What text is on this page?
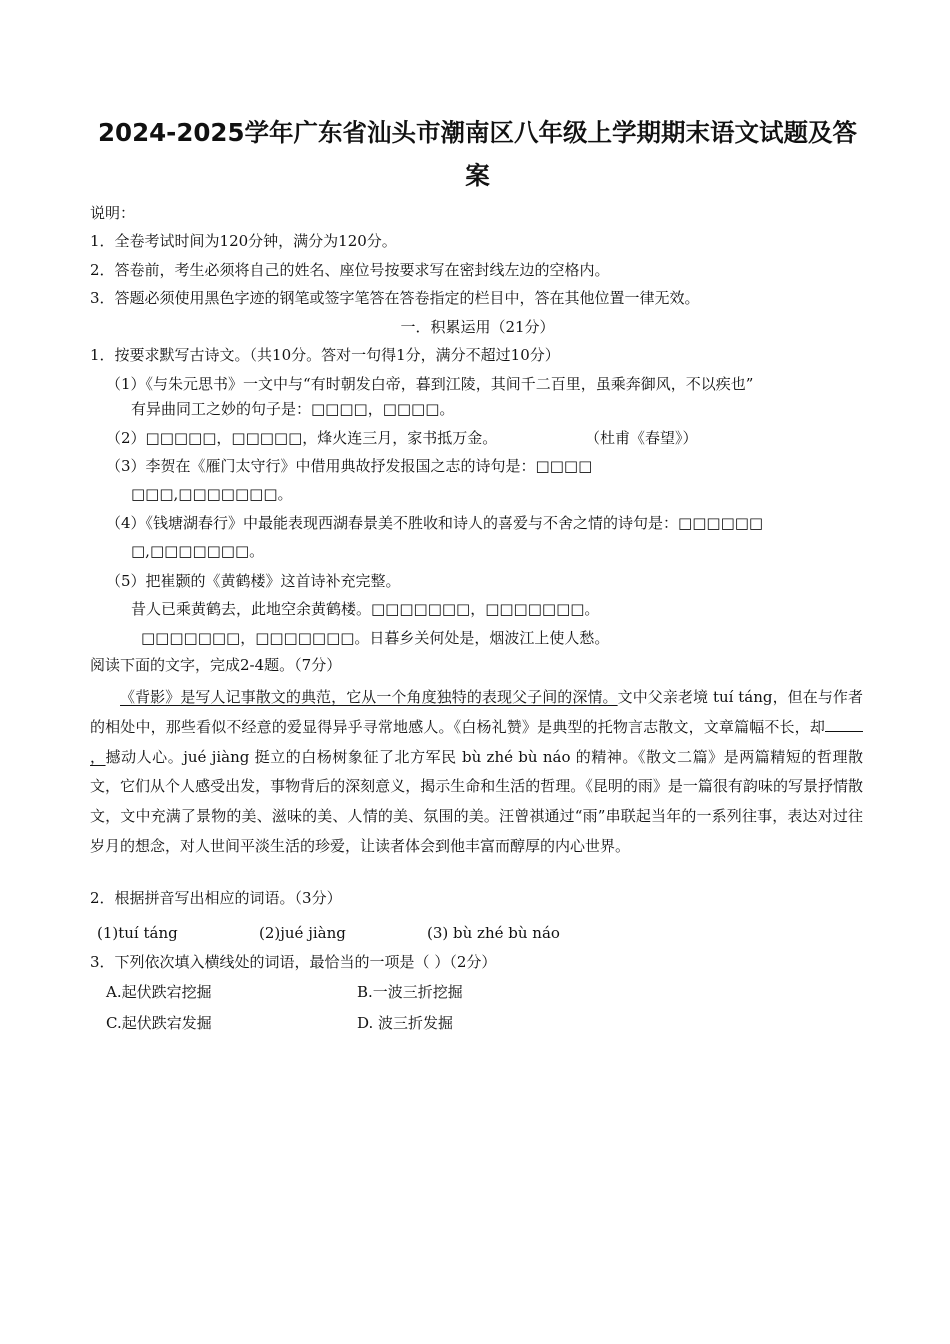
2024-2025学年广东省汕头市潮南区八年级上学期期末语文试题及答
案

说明：

1．全卷考试时间为120分钟，满分为120分。

2．答卷前，考生必须将自己的姓名、座位号按要求写在密封线左边的空格内。

3．答题必须使用黑色字迹的钢笔或签字笔答在答卷指定的栏目中，答在其他位置一律无效。

一．积累运用（21分）

1．按要求默写古诗文。（共10分。答对一句得1分，满分不超过10分）

（1）《与朱元思书》一文中与“有时朝发白帝，暮到江陵，其间千二百里，虽乘奔御风，不以疾也”

有异曲同工之妙的句子是：□□□□，□□□□。

（2）□□□□□，□□□□□，烽火连三月，家书抵万金。	（杜甫《春望》）

（3）李贺在《雁门太守行》中借用典故抒发报国之志的诗句是：□□□□

□□□,□□□□□□□。

（4）《钱塘湖春行》中最能表现西湖春景美不胜收和诗人的喜爱与不舍之情的诗句是：□□□□□□

□,□□□□□□□。

（5）把崔颢的《黄鹤楼》这首诗补充完整。

昔人已乘黄鹤去，此地空余黄鹤楼。□□□□□□□，□□□□□□□。

□□□□□□□，□□□□□□□。日暮乡关何处是，烟波江上使人愁。

阅读下面的文字，完成2-4题。（7分）

《背影》是写人记事散文的典范，它从一个角度独特的表现父子间的深情。文中父亲老境 tuí táng，但在与作者的相处中，那些看似不经意的爱显得异乎寻常地感人。《白杨礼赞》是典型的托物言志散文，文章篇幅不长，却，撼动人心。jué jiàng 挺立的白杨树象征了北方军民 bù zhé bù náo 的精神。《散文二篇》是两篇精短的哲理散文，它们从个人感受出发，事物背后的深刻意义，揭示生命和生活的哲理。《昆明的雨》是一篇很有韵味的写景抒情散文，文中充满了景物的美、滋味的美、人情的美、氛围的美。汪曾祺通过“雨”串联起当年的一系列往事，表达对过往岁月的想念，对人世间平淡生活的珍爱，让读者体会到他丰富而醇厚的内心世界。

2．根据拼音写出相应的词语。（3分）

(1)tuí táng	(2)jué jiàng	(3) bù zhé bù náo

3．下列依次填入横线处的词语，最恰当的一项是（ ）（2分）

A.起伏跌宕挖掘	B.一波三折挖掘

C.起伏跌宕发掘	D. 波三折发掘
